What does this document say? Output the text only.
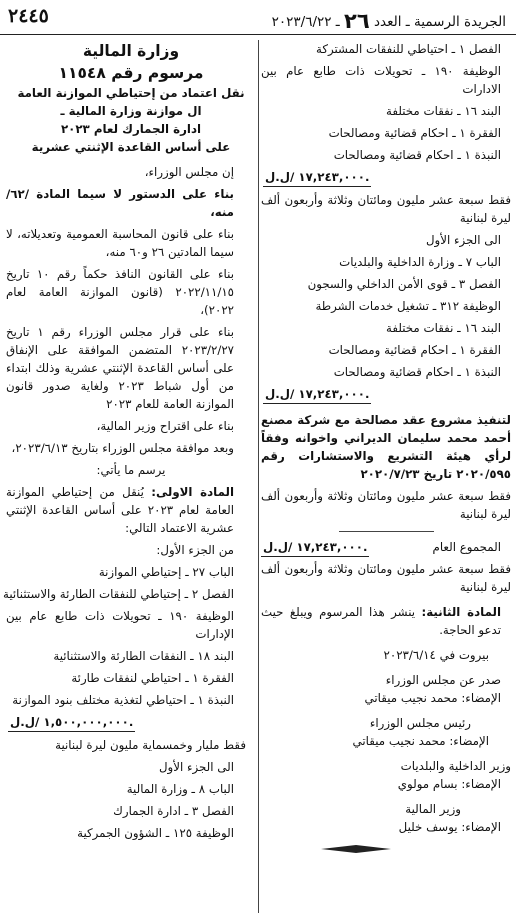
الجريدة الرسمية ـ العدد ٢٦ ـ ٢٠٢٣/٦/٢٢
٢٤٤٥

الفصل ١ ـ احتياطي للنفقات المشتركة

الوظيفة ١٩٠ ـ تحويلات ذات طابع عام بين الادارات

البند ١٦ ـ نفقات مختلفة

الفقرة ١ ـ احكام قضائية ومصالحات

النبذة ١ ـ احكام قضائية ومصالحات

١٧,٢٤٣,٠٠٠ /ل.ل.

فقط سبعة عشر مليون ومائتان وثلاثة وأربعون ألف ليرة لبنانية

الى الجزء الأول

الباب ٧ ـ وزارة الداخلية والبلديات

الفصل ٣ ـ قوى الأمن الداخلي والسجون

الوظيفة ٣١٢ ـ تشغيل خدمات الشرطة

البند ١٦ ـ نفقات مختلفة

الفقرة ١ ـ احكام قضائية ومصالحات

النبذة ١ ـ احكام قضائية ومصالحات

١٧,٢٤٣,٠٠٠ /ل.ل.

لتنفيذ مشروع عقد مصالحة مع شركة مصنع أحمد محمد سليمان الديراني واخوانه وفقاً لرأي هيئة التشريع والاستشارات رقم ٢٠٢٠/٥٩٥ تاريخ ٢٠٢٠/٧/٢٣

فقط سبعة عشر مليون ومائتان وثلاثة وأربعون ألف ليرة لبنانية

المجموع العام
١٧,٢٤٣,٠٠٠ /ل.ل.

فقط سبعة عشر مليون ومائتان وثلاثة وأربعون ألف ليرة لبنانية

المادة الثانية: ينشر هذا المرسوم ويبلغ حيث تدعو الحاجة.

بيروت في ٢٠٢٣/٦/١٤

صدر عن مجلس الوزراء

الإمضاء: محمد نجيب ميقاتي

رئيس مجلس الوزراء

الإمضاء: محمد نجيب ميقاتي

وزير الداخلية والبلديات

الإمضاء: بسام مولوي

وزير المالية

الإمضاء: يوسف خليل

وزارة المالية

مرسوم رقم ١١٥٤٨

نقل اعتماد من إحتياطي الموازنة العامة

ال موازنة وزارة المالية ـ

ادارة الجمارك لعام ٢٠٢٣

على أساس القاعدة الإثنتي عشرية

إن مجلس الوزراء،

بناء على الدستور لا سيما المادة /٦٢/ منه،

بناء على قانون المحاسبة العمومية وتعديلاته، لا سيما المادتين ٢٦ و٦٠ منه،

بناء على القانون النافذ حكماً رقم ١٠ تاريخ ٢٠٢٢/١١/١٥ (قانون الموازنة العامة لعام ٢٠٢٢)،

بناء على قرار مجلس الوزراء رقم ١ تاريخ ٢٠٢٣/٢/٢٧ المتضمن الموافقة على الإنفاق على أساس القاعدة الإثنتي عشرية وذلك ابتداء من أول شباط ٢٠٢٣ ولغاية صدور قانون الموازنة العامة للعام ٢٠٢٣

بناء على اقتراح وزير المالية،

وبعد موافقة مجلس الوزراء بتاريخ ٢٠٢٣/٦/١٣،

يرسم ما يأتي:

المادة الاولى: يُنقل من إحتياطي الموازنة العامة لعام ٢٠٢٣ على أساس القاعدة الإثنتي عشرية الاعتماد التالي:

من الجزء الأول:

الباب ٢٧ ـ إحتياطي الموازنة

الفصل ٢ ـ إحتياطي للنفقات الطارئة والاستثنائية

الوظيفة ١٩٠ ـ تحويلات ذات طابع عام بين الإدارات

البند ١٨ ـ النفقات الطارئة والاستثنائية

الفقرة ١ ـ احتياطي لنفقات طارئة

النبذة ١ ـ احتياطي لتغذية مختلف بنود الموازنة

١,٥٠٠,٠٠٠,٠٠٠ /ل.ل.

فقط مليار وخمسماية مليون ليرة لبنانية

الى الجزء الأول

الباب ٨ ـ وزارة المالية

الفصل ٣ ـ ادارة الجمارك

الوظيفة ١٢٥ ـ الشؤون الجمركية
